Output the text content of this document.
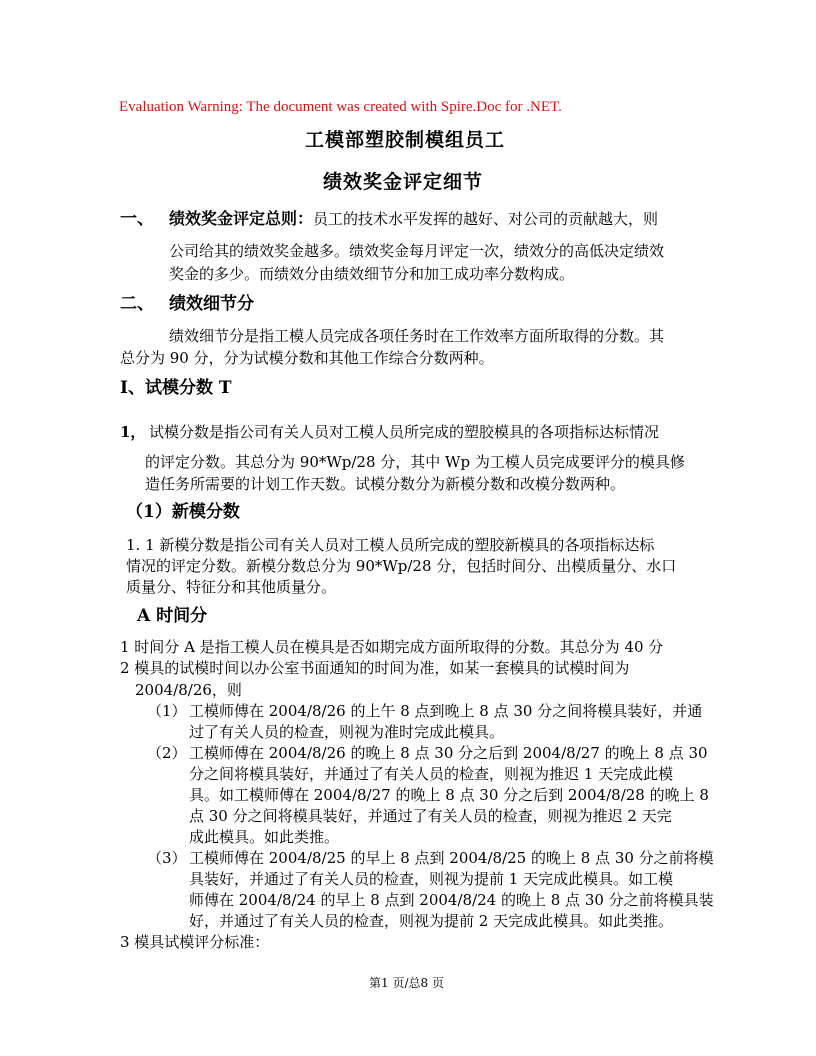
Evaluation Warning: The document was created with Spire.Doc for .NET.
工模部塑胶制模组员工
绩效奖金评定细节
一、 绩效奖金评定总则：员工的技术水平发挥的越好、对公司的贡献越大，则
公司给其的绩效奖金越多。绩效奖金每月评定一次，绩效分的高低决定绩效
奖金的多少。而绩效分由绩效细节分和加工成功率分数构成。
二、 绩效细节分
绩效细节分是指工模人员完成各项任务时在工作效率方面所取得的分数。其
总分为 90 分，分为试模分数和其他工作综合分数两种。
I、试模分数 T
1， 试模分数是指公司有关人员对工模人员所完成的塑胶模具的各项指标达标情况
的评定分数。其总分为 90*Wp/28 分，其中 Wp 为工模人员完成要评分的模具修
造任务所需要的计划工作天数。试模分数分为新模分数和改模分数两种。
（1）新模分数
1. 1 新模分数是指公司有关人员对工模人员所完成的塑胶新模具的各项指标达标
情况的评定分数。新模分数总分为 90*Wp/28 分，包括时间分、出模质量分、水口
质量分、特征分和其他质量分。
A 时间分
1 时间分 A 是指工模人员在模具是否如期完成方面所取得的分数。其总分为 40 分
2 模具的试模时间以办公室书面通知的时间为准，如某一套模具的试模时间为
2004/8/26，则
（1） 工模师傅在 2004/8/26 的上午 8 点到晚上 8 点 30 分之间将模具装好，并通
过了有关人员的检查，则视为准时完成此模具。
（2） 工模师傅在 2004/8/26 的晚上 8 点 30 分之后到 2004/8/27 的晚上 8 点 30
分之间将模具装好，并通过了有关人员的检查，则视为推迟 1 天完成此模
具。如工模师傅在 2004/8/27 的晚上 8 点 30 分之后到 2004/8/28 的晚上 8
点 30 分之间将模具装好，并通过了有关人员的检查，则视为推迟 2 天完
成此模具。如此类推。
（3） 工模师傅在 2004/8/25 的早上 8 点到 2004/8/25 的晚上 8 点 30 分之前将模
具装好，并通过了有关人员的检查，则视为提前 1 天完成此模具。如工模
师傅在 2004/8/24 的早上 8 点到 2004/8/24 的晚上 8 点 30 分之前将模具装
好，并通过了有关人员的检查，则视为提前 2 天完成此模具。如此类推。
3 模具试模评分标准：
第1 页/总8 页
